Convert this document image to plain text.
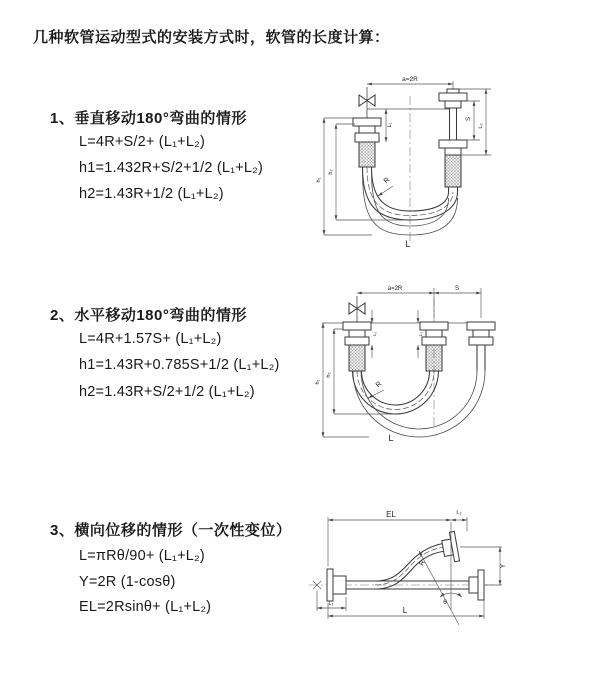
几种软管运动型式的安装方式时，软管的长度计算：
1、垂直移动180°弯曲的情形
L=4R+S/2+ (L₁+L₂)
h1=1.432R+S/2+1/2 (L₁+L₂)
h2=1.43R+1/2 (L₁+L₂)
2、水平移动180°弯曲的情形
L=4R+1.57S+ (L₁+L₂)
h1=1.43R+0.785S+1/2 (L₁+L₂)
h2=1.43R+S/2+1/2 (L₁+L₂)
3、横向位移的情形（一次性变位）
L=πRθ/90+ (L₁+L₂)
Y=2R (1-cosθ)
EL=2Rsinθ+ (L₁+L₂)
a=2R
h₁
h₂
L₁
S
L₂
R
L
a=2R	S
h₁
h₂
L₁	L₂
R
L
EL	L₂
θ
R	Y
L
L₁
